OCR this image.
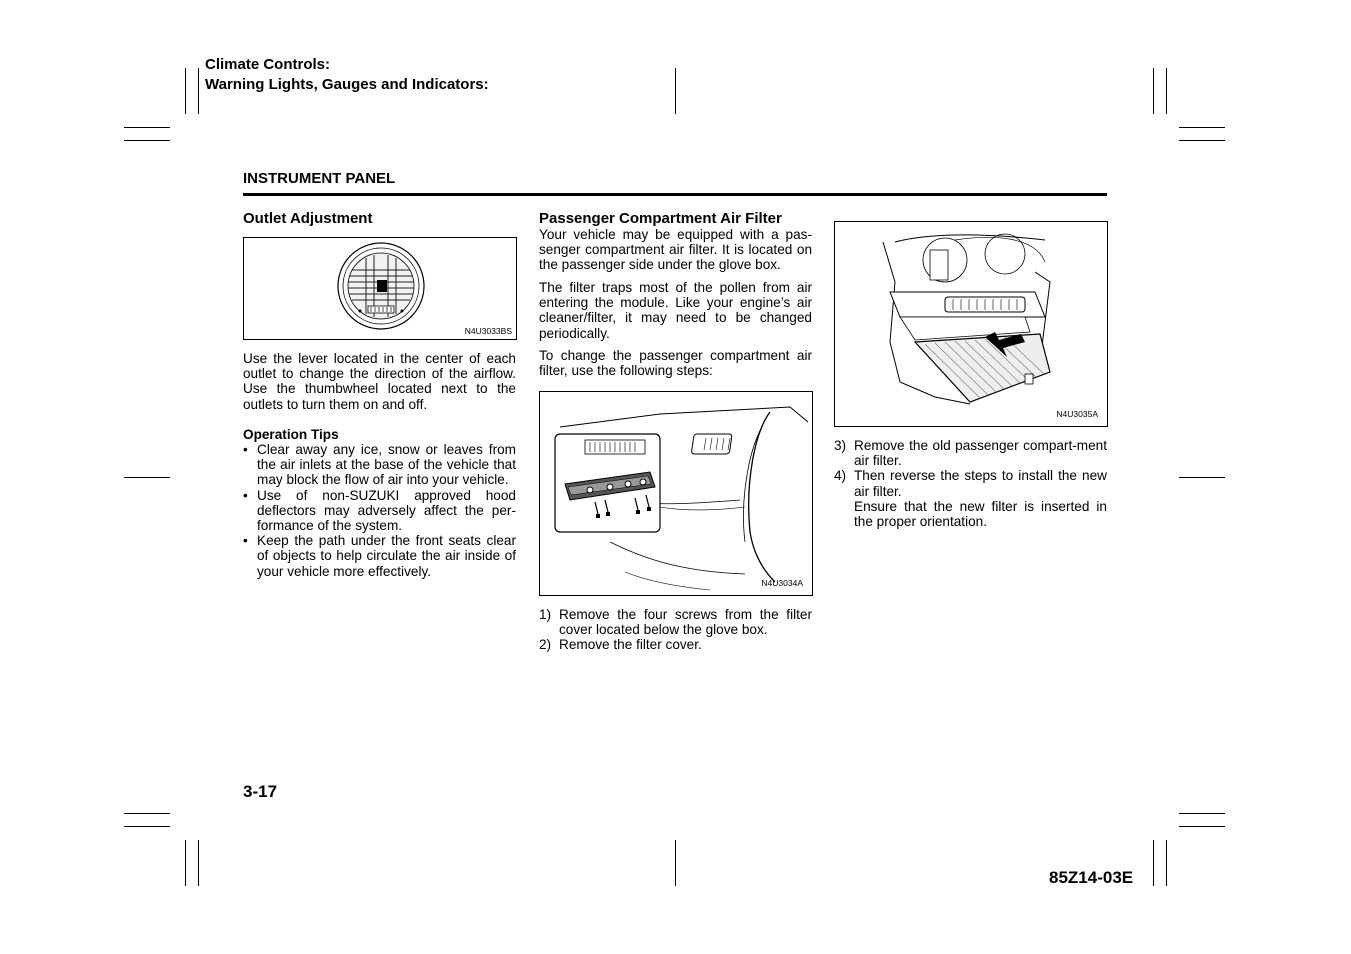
Climate Controls:
Warning Lights, Gauges and Indicators:
INSTRUMENT PANEL
Outlet Adjustment
N4U3033BS
Use the lever located in the center of each outlet to change the direction of the airflow. Use the thumbwheel located next to the outlets to turn them on and off.
Operation Tips
• Clear away any ice, snow or leaves from the air inlets at the base of the vehicle that may block the flow of air into your vehicle.
• Use of non-SUZUKI approved hood deflectors may adversely affect the per-formance of the system.
• Keep the path under the front seats clear of objects to help circulate the air inside of your vehicle more effectively.
Passenger Compartment Air Filter
Your vehicle may be equipped with a pas-senger compartment air filter. It is located on the passenger side under the glove box.
The filter traps most of the pollen from air entering the module. Like your engine’s air cleaner/filter, it may need to be changed periodically.
To change the passenger compartment air filter, use the following steps:
N4U3034A
1) Remove the four screws from the filter cover located below the glove box.
2) Remove the filter cover.
N4U3035A
3) Remove the old passenger compart-ment air filter.
4) Then reverse the steps to install the new air filter.
Ensure that the new filter is inserted in the proper orientation.
3-17
85Z14-03E
